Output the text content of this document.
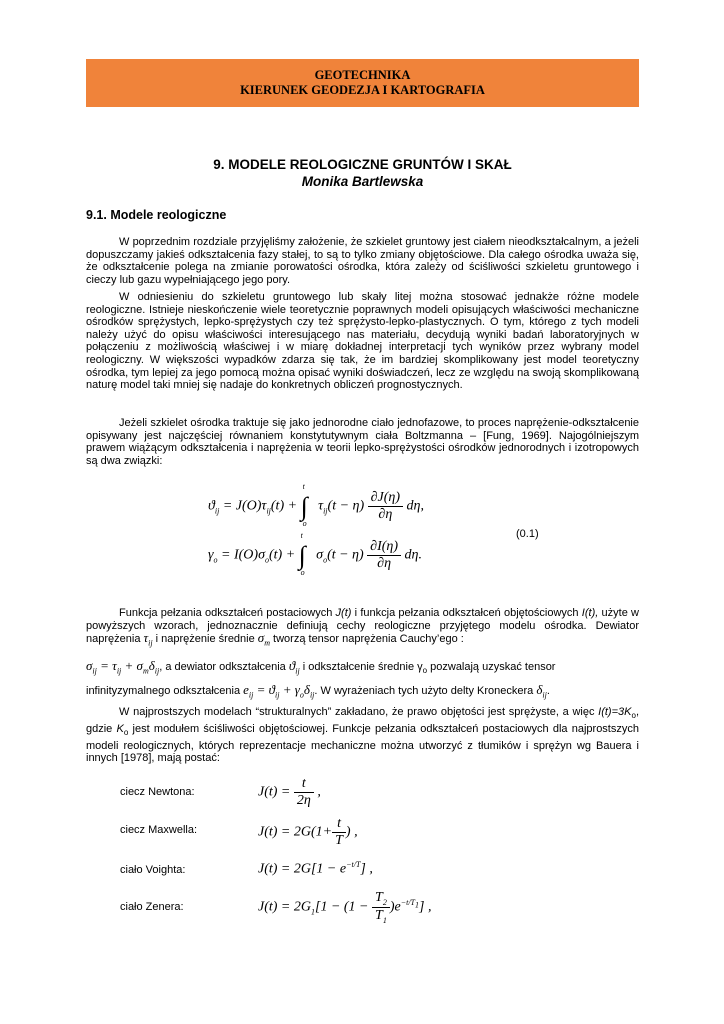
GEOTECHNIKA
KIERUNEK GEODEZJA I KARTOGRAFIA
9. MODELE REOLOGICZNE GRUNTÓW I SKAŁ
Monika Bartlewska
9.1. Modele reologiczne

W poprzednim rozdziale przyjęliśmy założenie, że szkielet gruntowy jest ciałem nieodkształcalnym, a jeżeli dopuszczamy jakieś odkształcenia fazy stałej, to są to tylko zmiany objętościowe. Dla całego ośrodka uważa się, że odkształcenie polega na zmianie porowatości ośrodka, która zależy od ściśliwości szkieletu gruntowego i cieczy lub gazu wypełniającego jego pory.

W odniesieniu do szkieletu gruntowego lub skały litej można stosować jednakże różne modele reologiczne. Istnieje nieskończenie wiele teoretycznie poprawnych modeli opisujących właściwości mechaniczne ośrodków sprężystych, lepko-sprężystych czy też sprężysto-lepko-plastycznych. O tym, którego z tych modeli należy użyć do opisu właściwości interesującego nas materiału, decydują wyniki badań laboratoryjnych w połączeniu z możliwością właściwej i w miarę dokładnej interpretacji tych wyników przez wybrany model reologiczny. W większości wypadków zdarza się tak, że im bardziej skomplikowany jest model teoretyczny ośrodka, tym lepiej za jego pomocą można opisać wyniki doświadczeń, lecz ze względu na swoją skomplikowaną naturę model taki mniej się nadaje do konkretnych obliczeń prognostycznych.

Jeżeli szkielet ośrodka traktuje się jako jednorodne ciało jednofazowe, to proces naprężenie-odkształcenie opisywany jest najczęściej równaniem konstytutywnym ciała Boltzmanna – [Fung, 1969]. Najogólniejszym prawem wiążącym odkształcenia i naprężenia w teorii lepko-sprężystości ośrodków jednorodnych i izotropowych są dwa związki:

$ϑ_{ij} = J(O)\tau_{ij}(t)$ +
t
∫
o
$\tau_{ij}(t - \eta) \frac{\partial J(\eta)}{\partial\eta} d\eta$,
$\gamma_o = I(O)\sigma_o(t)$ +
t
∫
o
$\sigma_o(t - \eta) \frac{\partial I(\eta)}{\partial\eta} d\eta$.
(0.1)

Funkcja pełzania odkształceń postaciowych J(t) i funkcja pełzania odkształceń objętościowych I(t), użyte w powyższych wzorach, jednoznacznie definiują cechy reologiczne przyjętego modelu ośrodka. Dewiator naprężenia $\tau_{ij}$ i naprężenie średnie $\sigma_m$ tworzą tensor naprężenia Cauchy’ego :

$\sigma_{ij} = \tau_{ij} + \sigma_m\delta_{ij}$, a dewiator odkształcenia $ϑ_{ij}$ i odkształcenie średnie $\gamma_o$ pozwalają uzyskać tensor

infinityzymalnego odkształcenia $e_{ij} = ϑ_{ij} + \gamma_o\delta_{ij}$. W wyrażeniach tych użyto delty Kroneckera $\delta_{ij}$.

W najprostszych modelach “strukturalnych” zakładano, że prawo objętości jest sprężyste, a więc $I(t)=3K_o$, gdzie $K_o$ jest modułem ściśliwości objętościowej. Funkcje pełzania odkształceń postaciowych dla najprostszych modeli reologicznych, których reprezentacje mechaniczne można utworzyć z tłumików i sprężyn wg Bauera i innych [1978], mają postać:

ciecz Newtona:	$J(t) = \frac{t}{2\eta}$ ,
ciecz Maxwella:	$J(t) = 2G(1+ \frac{t}{T}$ ) ,
ciało Voighta:	$J(t) = 2G[1 - e^{-t/T}]$ ,
ciało Zenera:	$J(t) = 2G_1[1 - (1 - \frac{T_2}{T_1} )e^{-t/T_1}]$ ,
